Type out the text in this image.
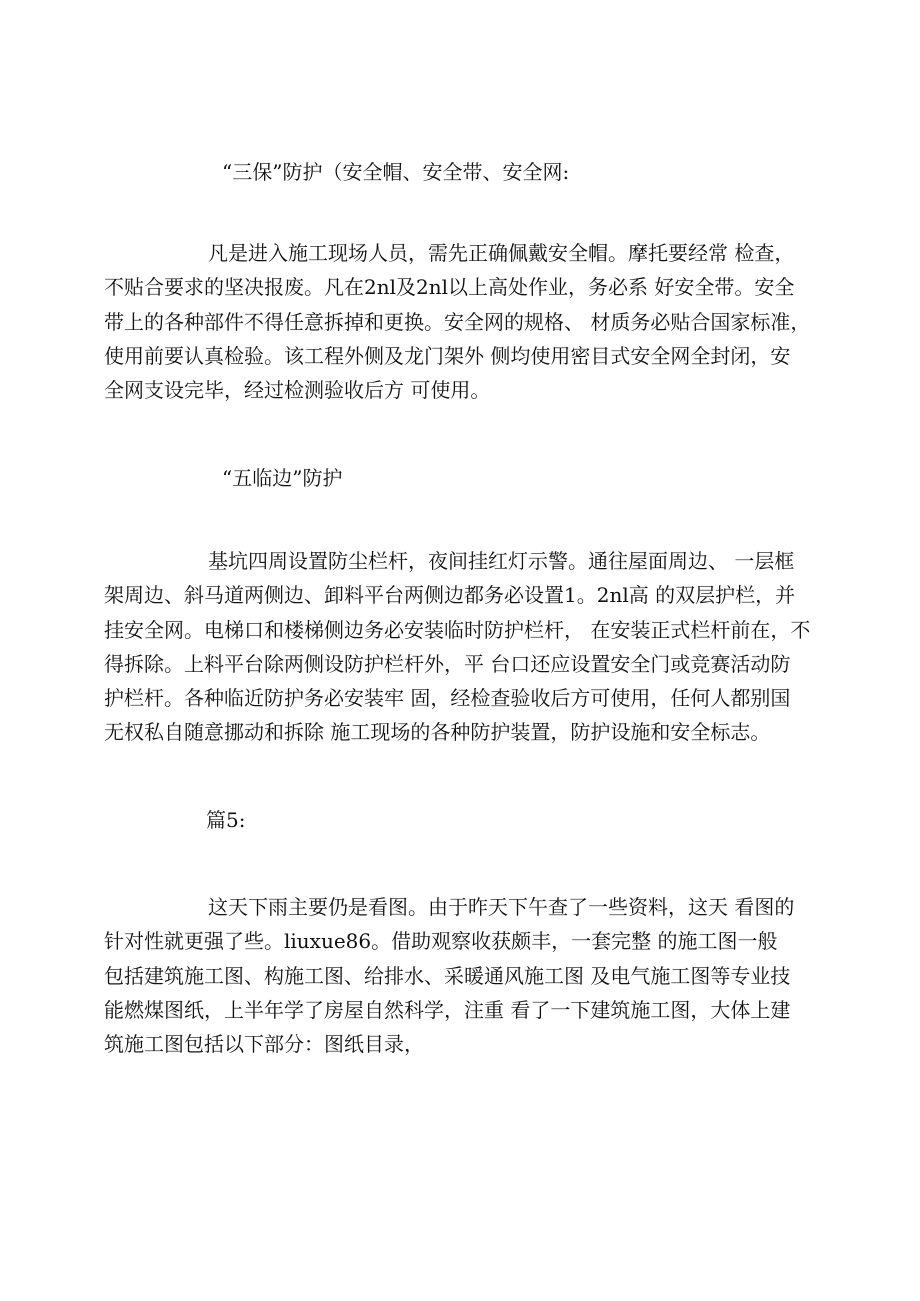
“三保”防护（安全帽、安全带、安全网:
凡是进入施工现场人员，需先正确佩戴安全帽。摩托要经常 检查，
不贴合要求的坚决报废。凡在2nl及2nl以上高处作业，务必系 好安全带。安全
带上的各种部件不得任意拆掉和更换。安全网的规格、 材质务必贴合国家标准，
使用前要认真检验。该工程外侧及龙门架外 侧均使用密目式安全网全封闭，安
全网支设完毕，经过检测验收后方 可使用。
“五临边”防护
基坑四周设置防尘栏杆，夜间挂红灯示警。通往屋面周边、 一层框
架周边、斜马道两侧边、卸料平台两侧边都务必设置1。2nl高 的双层护栏，并
挂安全网。电梯口和楼梯侧边务必安装临时防护栏杆， 在安装正式栏杆前在，不
得拆除。上料平台除两侧设防护栏杆外，平 台口还应设置安全门或竞赛活动防
护栏杆。各种临近防护务必安装牢 固，经检查验收后方可使用，任何人都别国
无权私自随意挪动和拆除 施工现场的各种防护装置，防护设施和安全标志。
篇5:
这天下雨主要仍是看图。由于昨天下午查了一些资料，这天 看图的
针对性就更强了些。liuxue86。借助观察收获颇丰，一套完整 的施工图一般
包括建筑施工图、构施工图、给排水、采暖通风施工图 及电气施工图等专业技
能燃煤图纸，上半年学了房屋自然科学，注重 看了一下建筑施工图，大体上建
筑施工图包括以下部分：图纸目录，
